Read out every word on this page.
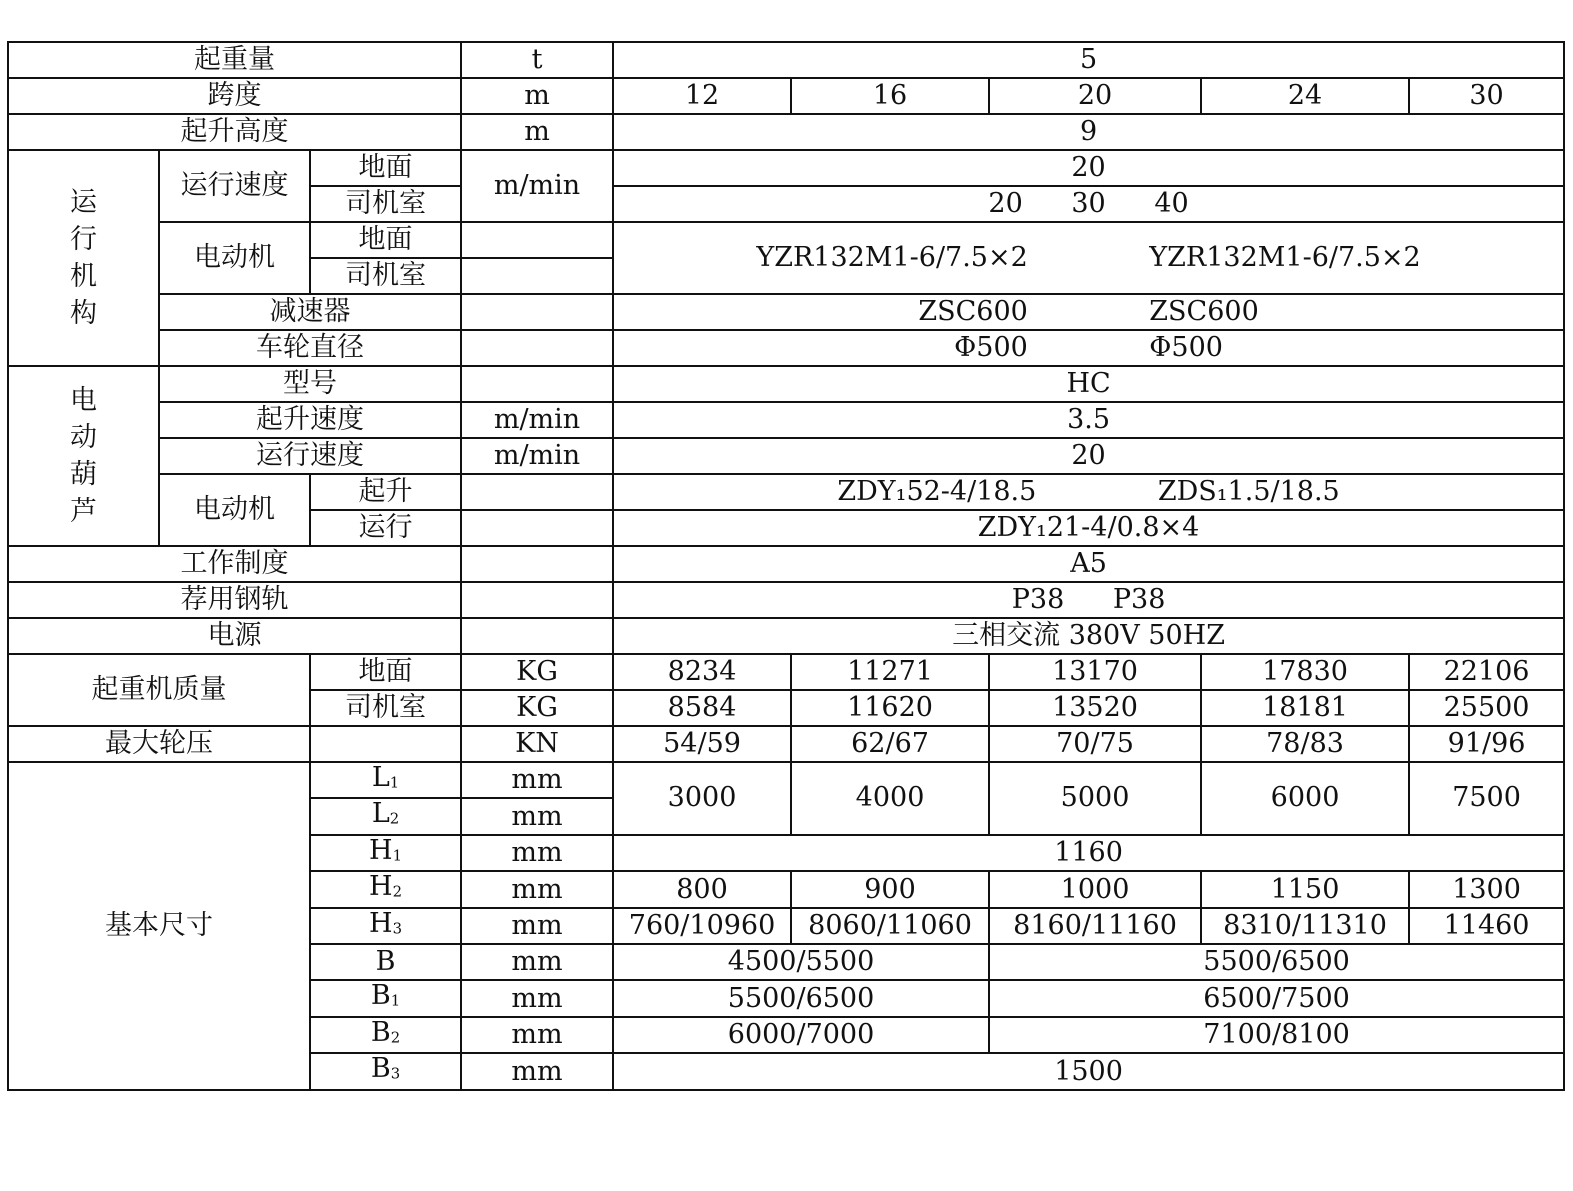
起重量			t	5				
跨度			m	12	16	20	24	30
起升高度			m	9				
运行机构	运行速度	地面	m/min	20				
		司机室		20 30 40				
	电动机	地面		YZR132M1-6/7.5×2 YZR132M1-6/7.5×2				
		司机室						
	减速器			ZSC600 ZSC600				
	车轮直径			Φ500 Φ500				
电动葫芦	型号			HC				
	起升速度		m/min	3.5				
	运行速度		m/min	20				
	电动机	起升		ZDY₁52-4/18.5 ZDS₁1.5/18.5				
		运行		ZDY₁21-4/0.8×4				
工作制度				A5				
荐用钢轨				P38 P38				
电源				三相交流 380V 50HZ				
起重机质量		地面	KG	8234	11271	13170	17830	22106
		司机室	KG	8584	11620	13520	18181	25500
最大轮压			KN	54/59	62/67	70/75	78/83	91/96
基本尺寸		L1	mm	3000	4000	5000	6000	7500
		L2	mm					
		H1	mm	1160				
		H2	mm	800	900	1000	1150	1300
		H3	mm	760/10960	8060/11060	8160/11160	8310/11310	11460
		B	mm	4500/5500		5500/6500		
		B1	mm	5500/6500		6500/7500		
		B2	mm	6000/7000		7100/8100		
		B3	mm	1500				
